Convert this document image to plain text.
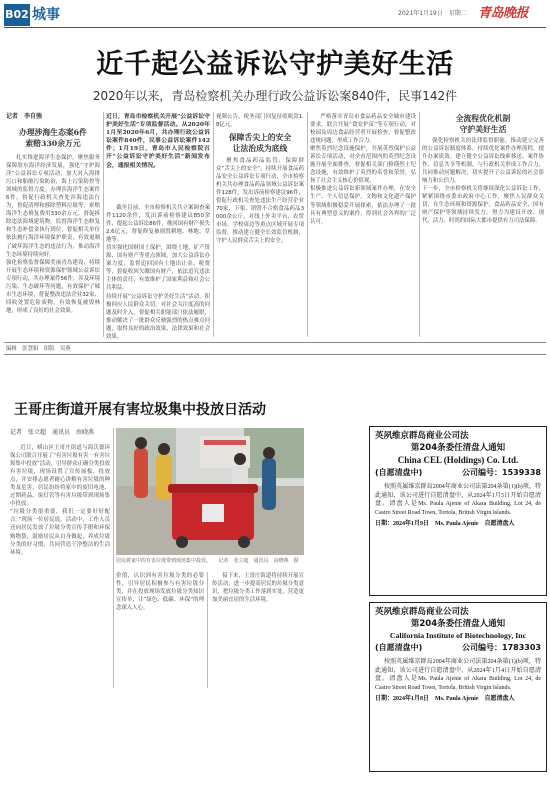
B02 城事	2021年1月19日　星期二 青岛晚报
近千起公益诉讼守护美好生活
2020年以来，青岛检察机关办理行政公益诉讼案840件，民事142件
记者　李自強
办理涉海生态案6件
索赔330余万元
扎实推进海洋生态保护。聚焦服务保障胶东海洋经济发展，强化“守护海洋”公益诉讼专项活动，加大对入海排污口和船舶污染防治，海上污染防控等领域的监督力度。办理涉海洋生态案件6件，督促行政机关查处涉海违法行为，督促清理和移除塑料垃圾等，索赔海洋生态修复费用330余万元。督促拆除违法海域建筑物，监督海洋生态修复和生态补偿金执行到位，督促相关单位依法履行海洋环境保护职责，有效遏制了破坏海洋生态的违法行为，推动海洋生态环境持续向好。
强化检察监督保障美丽青岛建设，持续开展生态环境和资源保护领域公益诉讼专项行动，共办理案件56件，涉及环境污染、生态破坏等问题，有效保护了城市生态环境，督促整改违法企业32家，回收处置危险废物，有效恢复被毁林地，形成了良好的社会效果。
近日，青岛市检察机关开展“公益诉讼守护美好生活”专项监督活动。从2020年1月至2020年6月，共办理行政公益诉讼案件840件，民事公益诉讼案件142件；1月19日，青岛市人民检察院召开“公益诉讼守护美好生活”新闻发布会，通报相关情况。
截至目前，全市检察机关共立案调查案件1120余件，发出诉前检察建议850余件，提起公益诉讼86件，挽回国有财产损失2.6亿元，督促修复被损毁耕地、林地、草地等。
切实强化国财国土保护，围绕土地、矿产资源、国有财产等重点领域，加大公益诉讼办案力度，监督追回国有土地出让金、税费等，督促收回欠缴国有财产，依法追究违法主体的责任，有效维护了国家利益和社会公共利益。
持续开展“公益诉讼守护美好生活”活动，积极回应人民群众关切，对社会关注度高的问题及时介入，督促相关职能部门依法履职，推动解决了一批群众反映强烈的热点难点问题，取得良好的政治效果、法律效果和社会效果。
视频公告，税务部门回复征收税款1.8亿元。
保障舌尖上的安全
让法治成为底线
聚焦食品药品监管，保障群众“舌尖上的安全”。持续开展食品药品安全公益诉讼专项行动，全市检察机关共办理食品药品领域公益诉讼案件128件，发出诉前检察建议96件，督促行政机关查处违法生产经营企业70家，下架、销毁不合格食品药品3000余公斤，对线上外卖平台、农贸市场、学校周边等重点区域开展专项监督，推动建立健全长效监管机制，守护人民群众舌尖上的安全。
严格落实青岛市食品药品安全城市建设要求，联合开展“食安护苗”等专项行动，对校园及周边食品经营者开展检查，督促整改违规问题，形成工作合力。
聚焦英烈纪念设施保护，开展英烈保护公益诉讼专项活动，对全市范围内的英烈纪念设施开展全面排查，督促相关部门修缮烈士纪念设施，有效维护了英烈的名誉和荣誉，弘扬了社会主义核心价值观。
积极推进公益诉讼新领域案件办理，在安全生产、个人信息保护、文物和文化遗产保护等领域积极稳妥开展探索，依法办理了一批具有典型意义的案件，得到社会各界的广泛认可。
全流程优化机制
守护美好生活
强化检察机关的法律监督职能，推动建立完善的公益诉讼制度体系，持续优化案件办理流程，提升办案质效。建立健全公益诉讼线索移送、案件协作、信息共享等机制，与行政机关形成工作合力，共同推动问题解决，切实提升了公益诉讼的社会影响力和公信力。
下一步，全市检察机关将继续深化公益诉讼工作，紧紧围绕市委市政府中心工作，聚焦人民群众关切，在生态环境和资源保护、食品药品安全、国有财产保护等领域持续发力，努力为建设开放、现代、活力、时尚的国际大都市提供有力司法保障。
编辑　张慧娟　组版　吴燕
王哥庄街道开展有害垃圾集中投放日活动
记者　张立超　通讯员　由晓燕
近日，崂山区王哥庄街道与海沃德环保公司联合开展了“有害垃圾有害一有害垃圾集中投放”活动，引导群众正确分类投放有害垃圾，现场设置了宣传展板、投放点，并安排志愿者耐心讲解有害垃圾的种类及危害，居民纷纷将家中的废旧电池、过期药品、废灯管等有害垃圾带到现场集中投放。
“垃圾分类很重要，我们一定要好好配合。”现场一位居民说。活动中，工作人员还向居民发放了垃圾分类宣传手册和环保购物袋，鼓励居民从自身做起，养成垃圾分类的好习惯，共同营造干净整洁的生活环境。
居民将家中的有害垃圾带到现场集中投放。　　记者　张立超　通讯员　由晓燕　摄
价值，认识到有害垃圾分类的必要性，引导居民积极参与有害垃圾分类，并在投放现场发放垃圾分类知识宣传单，让“绿色、低碳、环保”的理念深入人心。
接下来，王哥庄街道将持续开展宣传活动，进一步提高居民的垃圾分类意识，把垃圾分类工作落到实处，营造更加美丽宜居的生活环境。
英夙维京群岛商业公司法
第204条委任清盘人通知
China CEL (Holdings) Co. Ltd.
(自愿清盘中)	公司编号：1539338
按照英属维京群岛2004年商业公司法第204条第(1)(b)项，特此通知，该公司进行自愿清盘中，从2024年1月5日开始自愿清盘。清盘人是Ms. Paula Ajenie of Akara Building, Lot 24, de Castro Street Road Town, Tortola, British Virgin Islands.
日期：2024年1月9日　Ms. Paula Ajenie　自愿清盘人
英夙维京群岛商业公司法
第204条委任清盘人通知
California Institute of Biotechnology, Inc
(自愿清盘中)	公司编号：1783303
按照英属维京群岛2004年商业公司法第204条第(1)(b)项，特此通知，该公司进行自愿清盘中，从2024年1月4日开始自愿清盘。清盘人是Ms. Paula Ajenie of Akara Building, Lot 24, de Castro Street Road Town, Tortola, British Virgin Islands.
日期：2024年1月8日　Ms. Paula Ajenie　自愿清盘人
